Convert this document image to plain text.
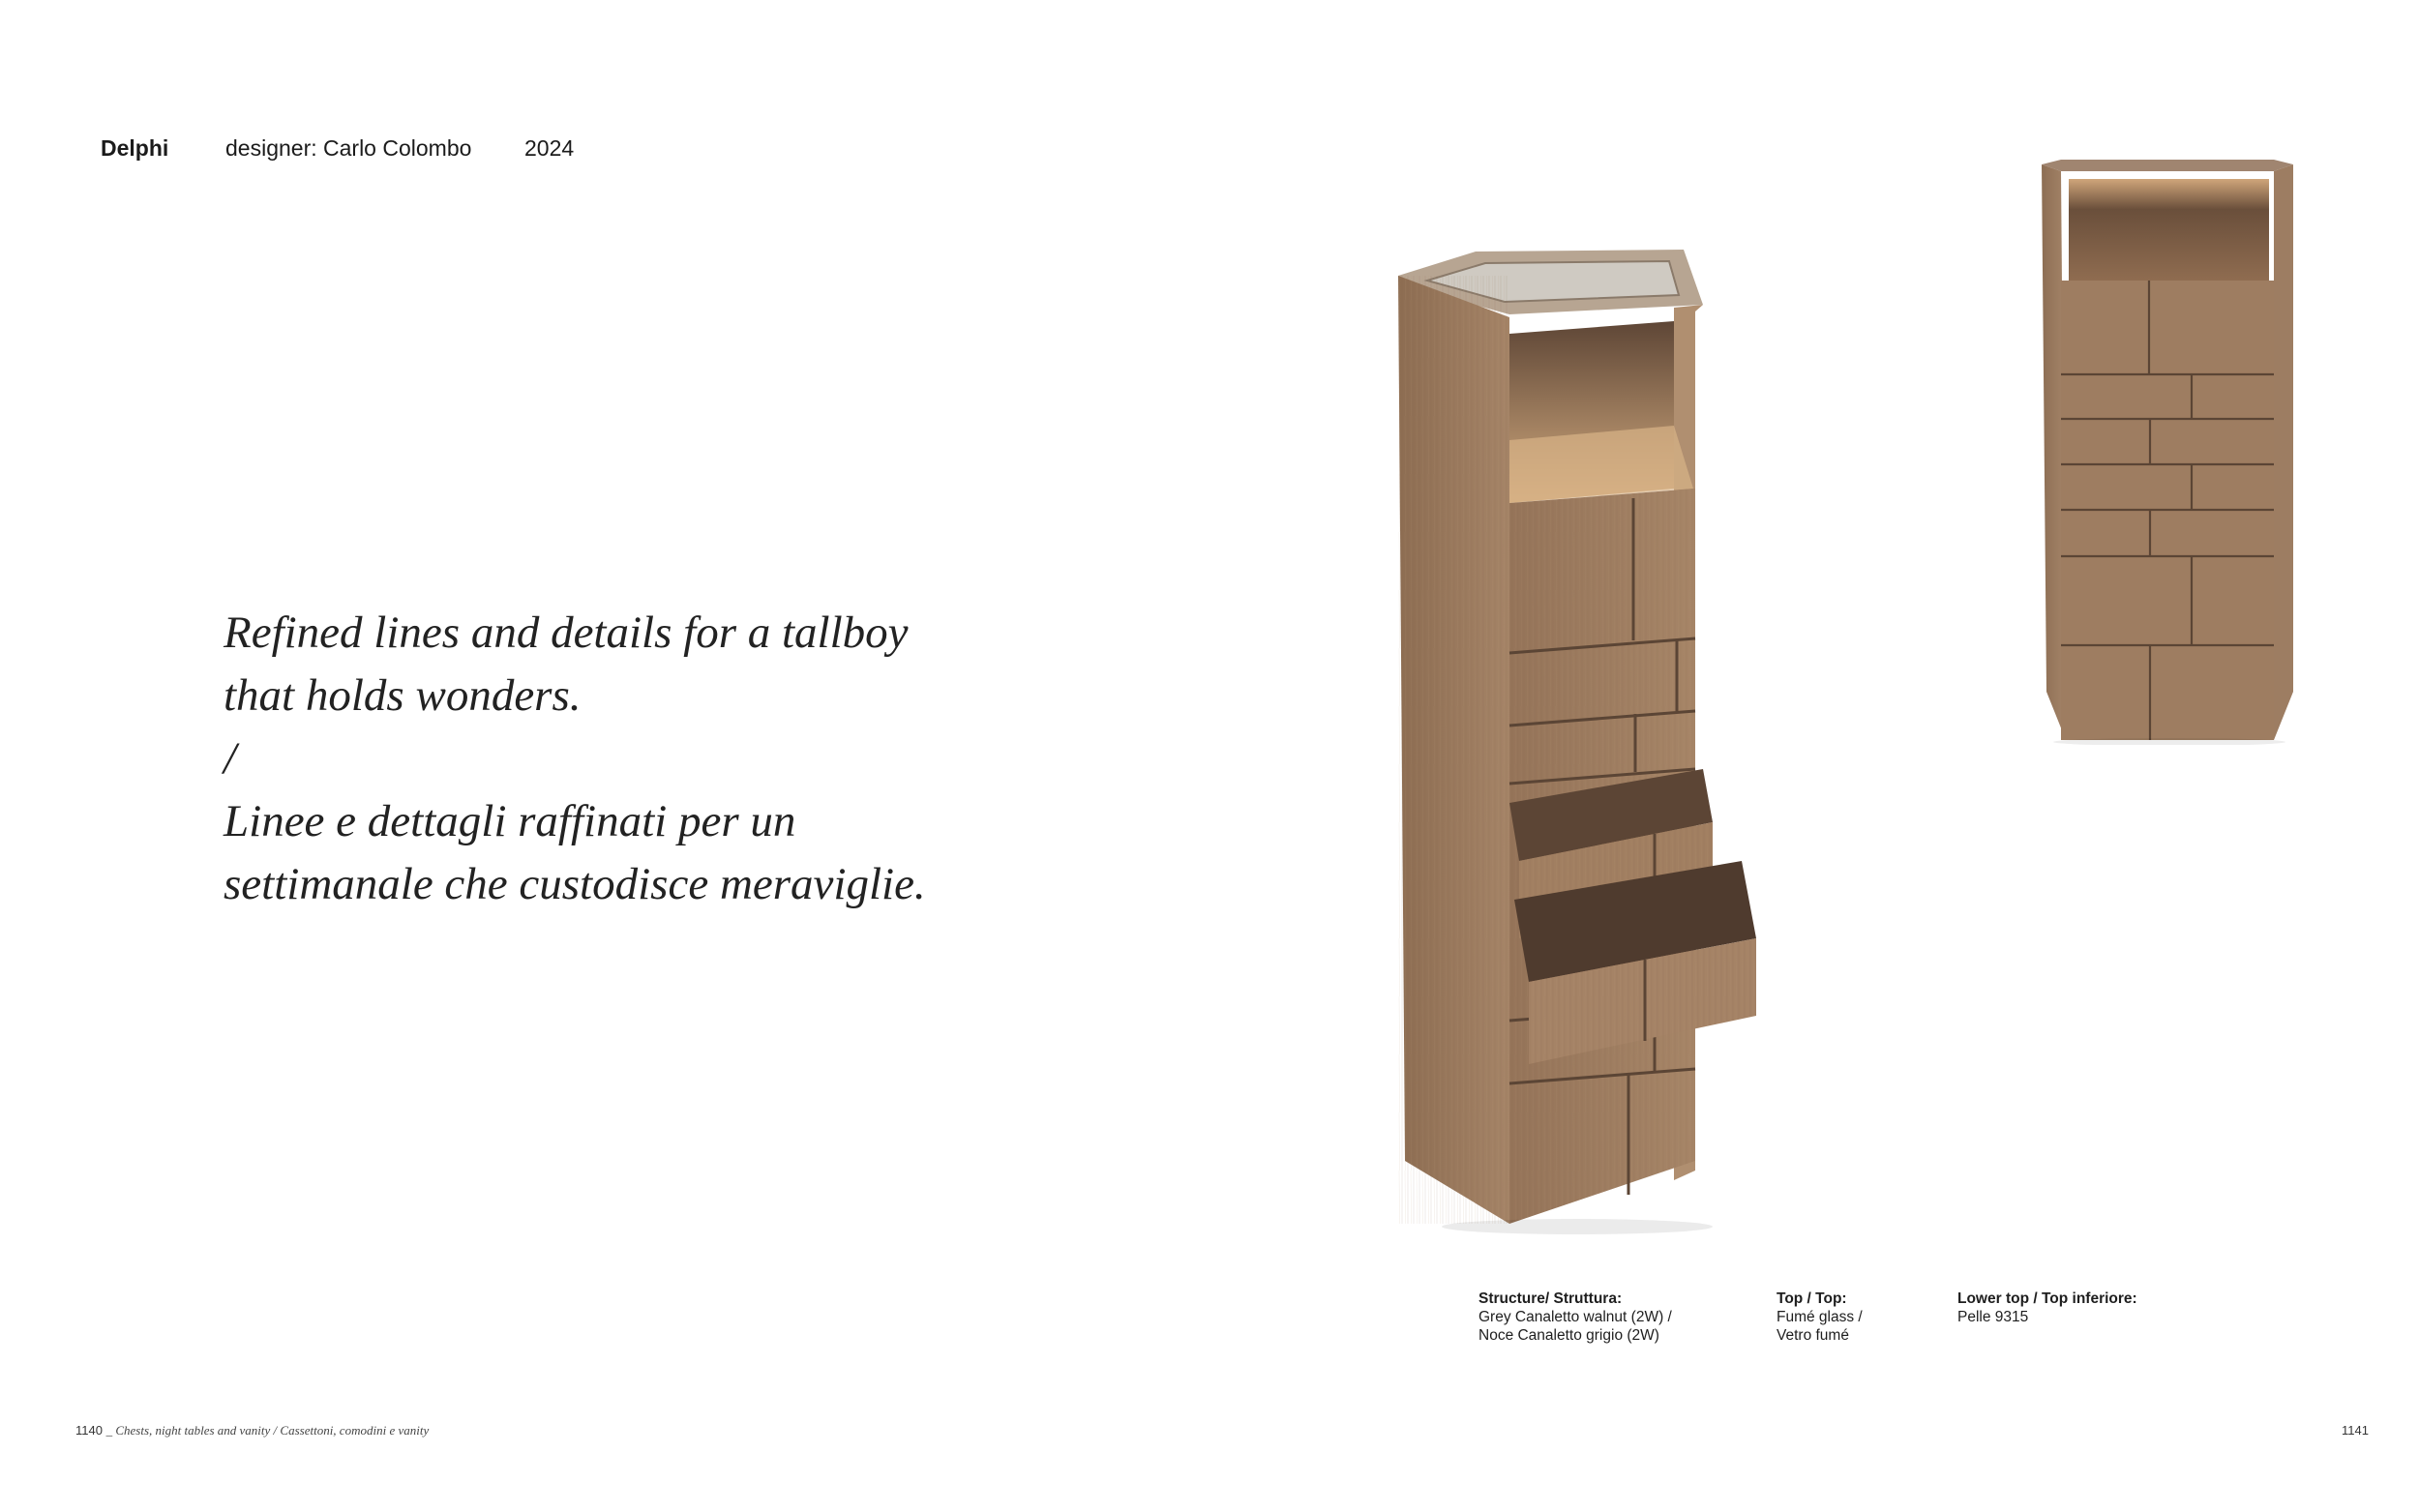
Delphi	designer: Carlo Colombo 2024
Refined lines and details for a tallboy
that holds wonders.
/
Linee e dettagli raffinati per un
settimanale che custodisce meraviglie.
Structure/ Struttura:
Grey Canaletto walnut (2W) /
Noce Canaletto grigio (2W)
Top / Top:
Fumé glass /
Vetro fumé
Lower top / Top inferiore:
Pelle 9315
1140 _ Chests, night tables and vanity / Cassettoni, comodini e vanity	1141
